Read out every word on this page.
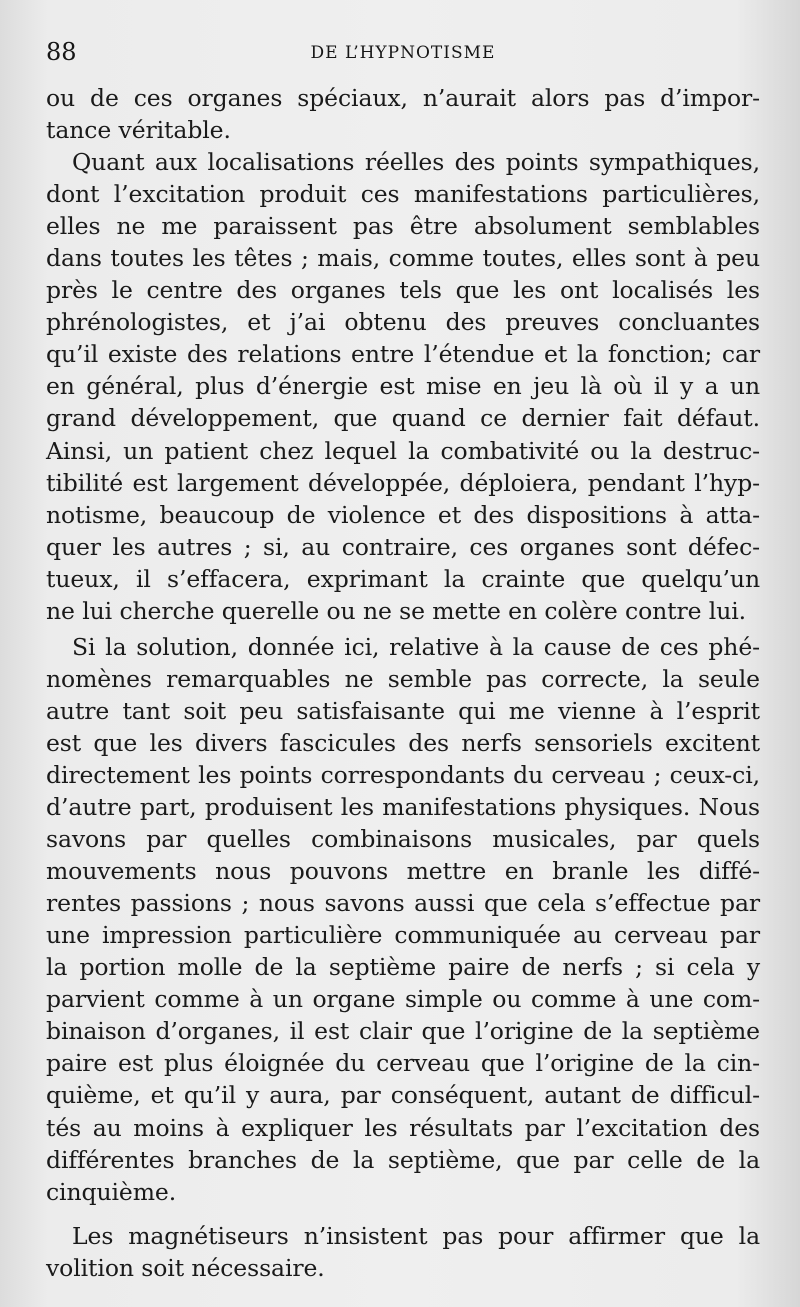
88	DE L’HYPNOTISME
ou de ces organes spéciaux, n’aurait alors pas d’impor-
tance véritable.
Quant aux localisations réelles des points sympathiques,
dont l’excitation produit ces manifestations particulières,
elles ne me paraissent pas être absolument semblables
dans toutes les têtes ; mais, comme toutes, elles sont à peu
près le centre des organes tels que les ont localisés les
phrénologistes, et j’ai obtenu des preuves concluantes
qu’il existe des relations entre l’étendue et la fonction; car
en général, plus d’énergie est mise en jeu là où il y a un
grand développement, que quand ce dernier fait défaut.
Ainsi, un patient chez lequel la combativité ou la destruc-
tibilité est largement développée, déploiera, pendant l’hyp-
notisme, beaucoup de violence et des dispositions à atta-
quer les autres ; si, au contraire, ces organes sont défec-
tueux, il s’effacera, exprimant la crainte que quelqu’un
ne lui cherche querelle ou ne se mette en colère contre lui.
Si la solution, donnée ici, relative à la cause de ces phé-
nomènes remarquables ne semble pas correcte, la seule
autre tant soit peu satisfaisante qui me vienne à l’esprit
est que les divers fascicules des nerfs sensoriels excitent
directement les points correspondants du cerveau ; ceux-ci,
d’autre part, produisent les manifestations physiques. Nous
savons par quelles combinaisons musicales, par quels
mouvements nous pouvons mettre en branle les diffé-
rentes passions ; nous savons aussi que cela s’effectue par
une impression particulière communiquée au cerveau par
la portion molle de la septième paire de nerfs ; si cela y
parvient comme à un organe simple ou comme à une com-
binaison d’organes, il est clair que l’origine de la septième
paire est plus éloignée du cerveau que l’origine de la cin-
quième, et qu’il y aura, par conséquent, autant de difficul-
tés au moins à expliquer les résultats par l’excitation des
différentes branches de la septième, que par celle de la
cinquième.
Les magnétiseurs n’insistent pas pour affirmer que la
volition soit nécessaire.
